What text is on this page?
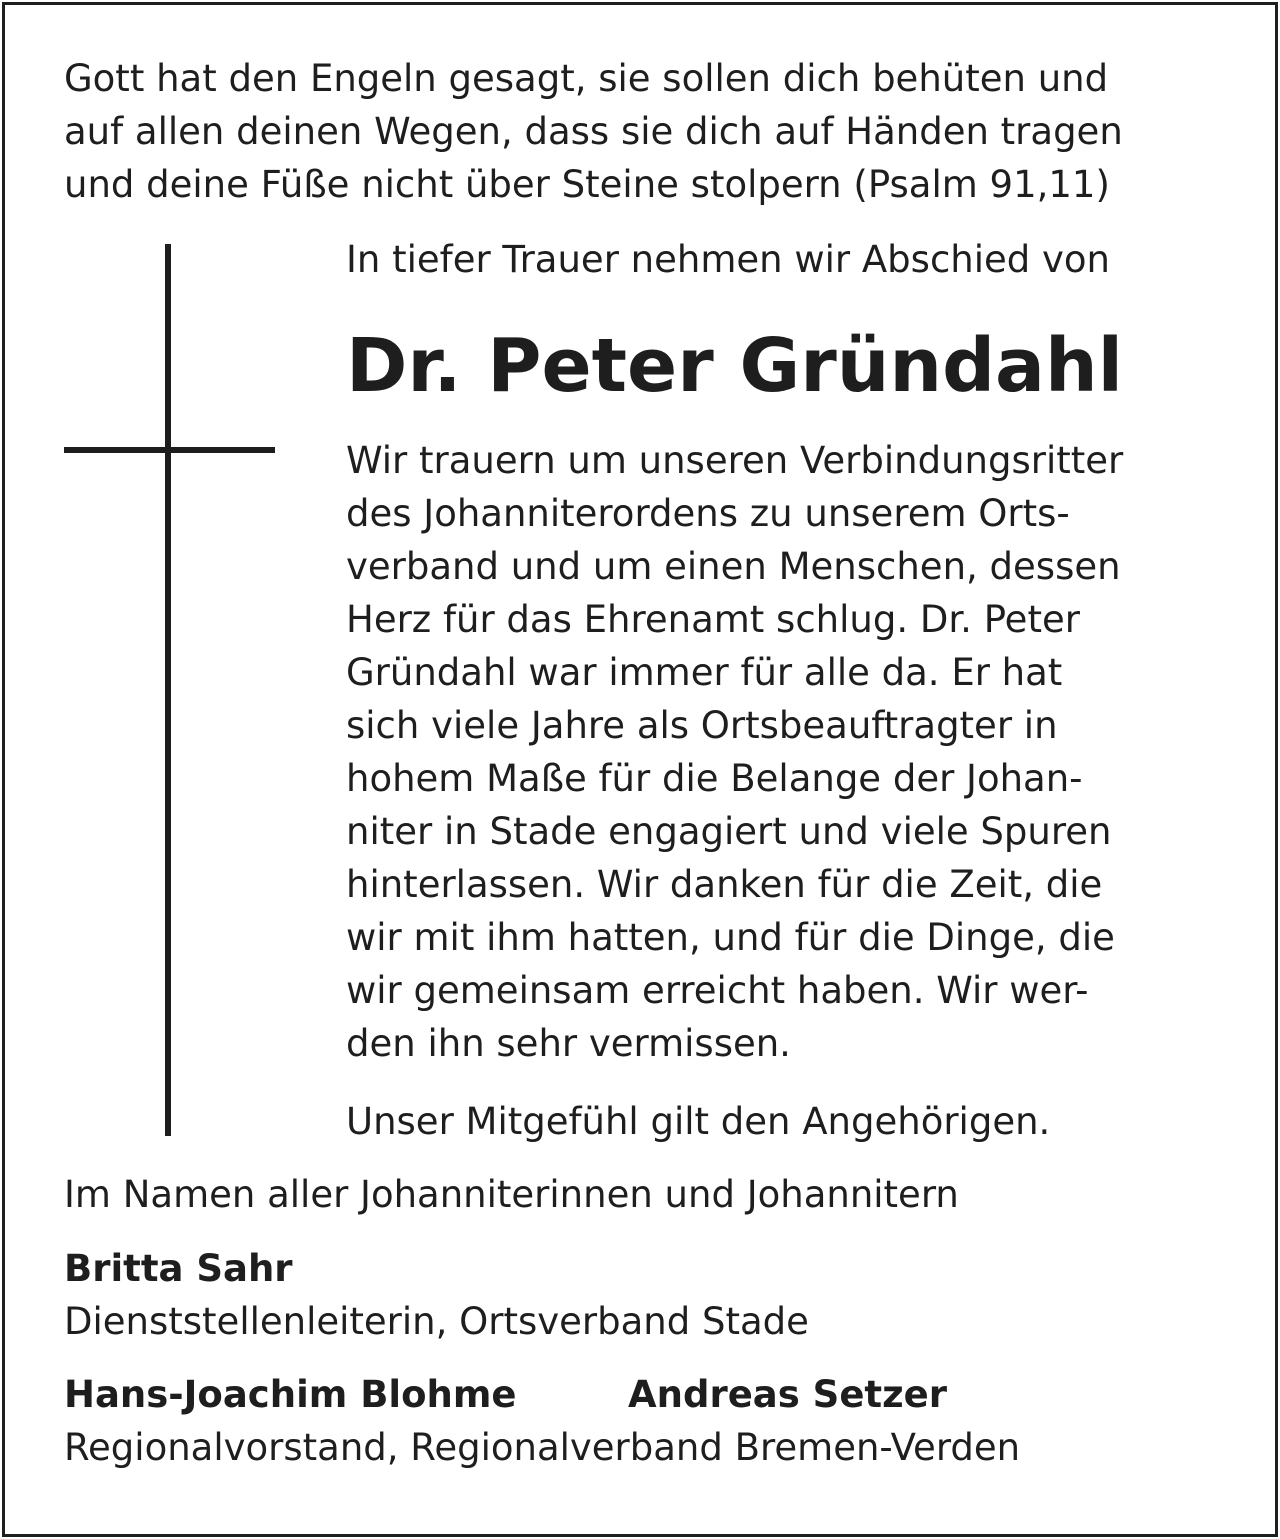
Gott hat den Engeln gesagt, sie sollen dich behüten und
auf allen deinen Wegen, dass sie dich auf Händen tragen
und deine Füße nicht über Steine stolpern (Psalm 91,11)
In tiefer Trauer nehmen wir Abschied von
Dr. Peter Gründahl
Wir trauern um unseren Verbindungsritter
des Johanniterordens zu unserem Orts-
verband und um einen Menschen, dessen
Herz für das Ehrenamt schlug. Dr. Peter
Gründahl war immer für alle da. Er hat
sich viele Jahre als Ortsbeauftragter in
hohem Maße für die Belange der Johan-
niter in Stade engagiert und viele Spuren
hinterlassen. Wir danken für die Zeit, die
wir mit ihm hatten, und für die Dinge, die
wir gemeinsam erreicht haben. Wir wer-
den ihn sehr vermissen.
Unser Mitgefühl gilt den Angehörigen.
Im Namen aller Johanniterinnen und Johannitern
Britta Sahr
Dienststellenleiterin, Ortsverband Stade
Hans-Joachim Blohme	Andreas Setzer
Regionalvorstand, Regionalverband Bremen-Verden
